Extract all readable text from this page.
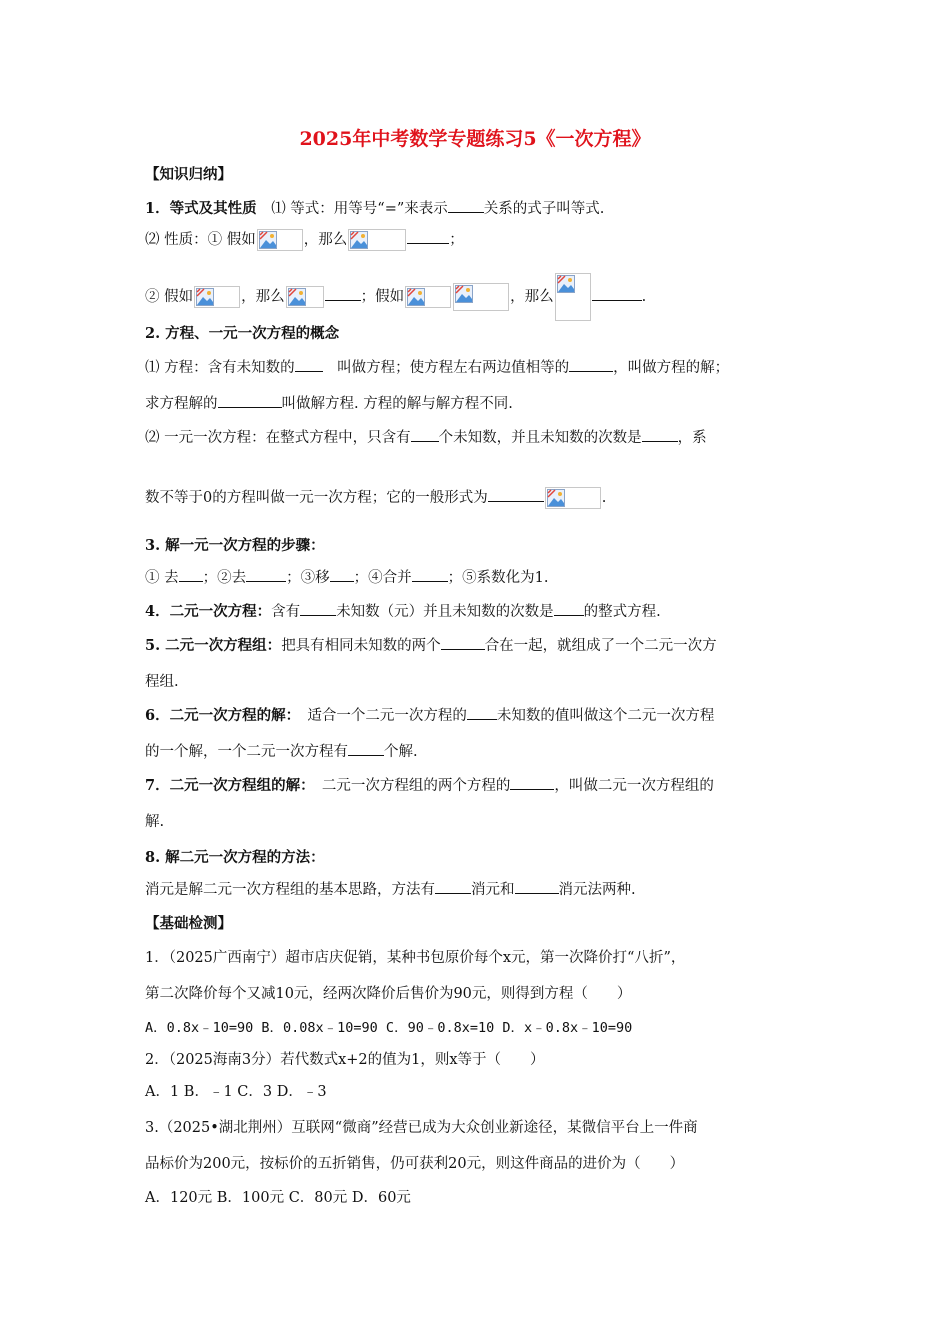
2025年中考数学专题练习5《一次方程》
【知识归纳】
1．等式及其性质 ⑴ 等式：用等号“=”来表示 关系的式子叫等式.
⑵ 性质：① 假如	，那么	；
② 假如	，那么	；假如	，那么	.
2. 方程、一元一次方程的概念
⑴ 方程：含有未知数的　	叫做方程；使方程左右两边值相等的	，叫做方程的解；
求方程解的	叫做解方程. 方程的解与解方程不同.
⑵ 一元一次方程：在整式方程中，只含有 个未知数，并且未知数的次数是 ，系
数不等于0的方程叫做一元一次方程；它的一般形式为	.
3. 解一元一次方程的步骤：
① 去 ；②去	；③移 ；④合并 ；⑤系数化为1.
4．二元一次方程：含有 未知数（元）并且未知数的次数是 的整式方程.
5. 二元一次方程组：把具有相同未知数的两个	合在一起，就组成了一个二元一次方
程组.
6．二元一次方程的解：　 适合一个二元一次方程的 未知数的值叫做这个二元一次方程
的一个解，一个二元一次方程有 个解.
7．二元一次方程组的解：　 二元一次方程组的两个方程的	，叫做二元一次方程组的
解.
8. 解二元一次方程的方法：
消元是解二元一次方程组的基本思路，方法有 消元和	消元法两种.
【基础检测】
1．（2025广西南宁）超市店庆促销，某种书包原价每个x元，第一次降价打“八折”，
第二次降价每个又减10元，经两次降价后售价为90元，则得到方程（　　）
A．0.8x﹣10=90 B．0.08x﹣10=90 C．90﹣0.8x=10 D．x﹣0.8x﹣10=90
2．（2025海南3分）若代数式x+2的值为1，则x等于（　　）
A．1 B．﹣1 C．3 D．﹣3
3.（2025•湖北荆州）互联网“微商”经营已成为大众创业新途径，某微信平台上一件商
品标价为200元，按标价的五折销售，仍可获利20元，则这件商品的进价为（　　）
A．120元 B．100元 C．80元 D．60元
